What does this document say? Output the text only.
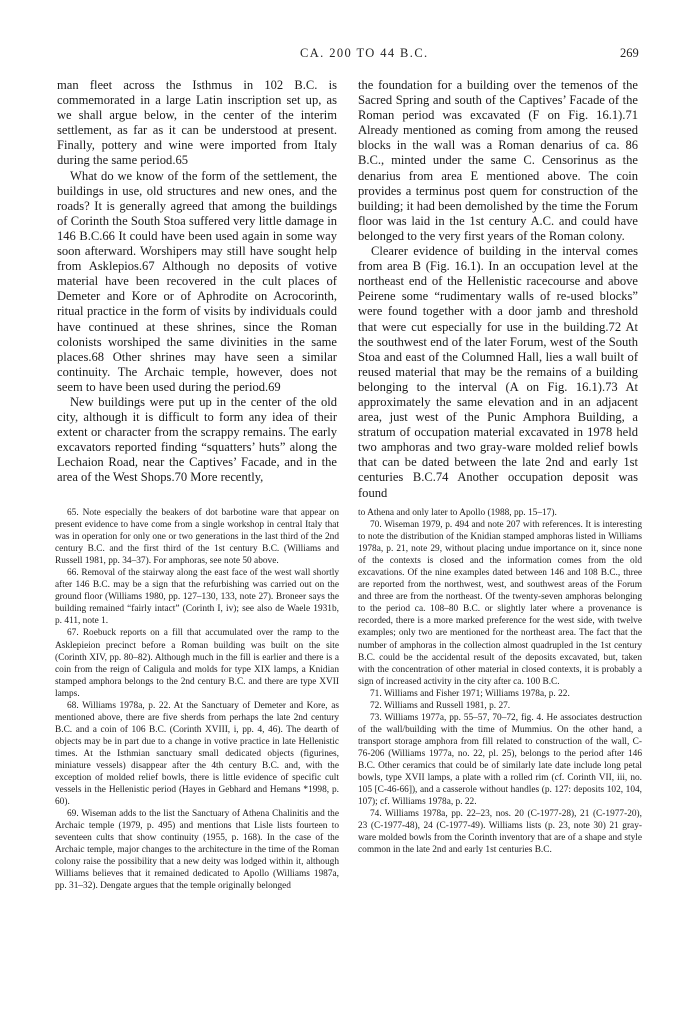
CA. 200 TO 44 B.C.	269

man fleet across the Isthmus in 102 B.C. is commemorated in a large Latin inscription set up, as we shall argue below, in the center of the interim settlement, as far as it can be understood at present. Finally, pottery and wine were imported from Italy during the same period.65

What do we know of the form of the settlement, the buildings in use, old structures and new ones, and the roads? It is generally agreed that among the buildings of Corinth the South Stoa suffered very little damage in 146 B.C.66 It could have been used again in some way soon afterward. Worshipers may still have sought help from Asklepios.67 Although no deposits of votive material have been recovered in the cult places of Demeter and Kore or of Aphrodite on Acrocorinth, ritual practice in the form of visits by individuals could have continued at these shrines, since the Roman colonists worshiped the same divinities in the same places.68 Other shrines may have seen a similar continuity. The Archaic temple, however, does not seem to have been used during the period.69

New buildings were put up in the center of the old city, although it is difficult to form any idea of their extent or character from the scrappy remains. The early excavators reported finding “squatters’ huts” along the Lechaion Road, near the Captives’ Facade, and in the area of the West Shops.70 More recently,

the foundation for a building over the temenos of the Sacred Spring and south of the Captives’ Facade of the Roman period was excavated (F on Fig. 16.1).71 Already mentioned as coming from among the reused blocks in the wall was a Roman denarius of ca. 86 B.C., minted under the same C. Censorinus as the denarius from area E mentioned above. The coin provides a terminus post quem for construction of the building; it had been demolished by the time the Forum floor was laid in the 1st century A.C. and could have belonged to the very first years of the Roman colony.

Clearer evidence of building in the interval comes from area B (Fig. 16.1). In an occupation level at the northeast end of the Hellenistic racecourse and above Peirene some “rudimentary walls of re-used blocks” were found together with a door jamb and threshold that were cut especially for use in the building.72 At the southwest end of the later Forum, west of the South Stoa and east of the Columned Hall, lies a wall built of reused material that may be the remains of a building belonging to the interval (A on Fig. 16.1).73 At approximately the same elevation and in an adjacent area, just west of the Punic Amphora Building, a stratum of occupation material excavated in 1978 held two amphoras and two gray-ware molded relief bowls that can be dated between the late 2nd and early 1st centuries B.C.74 Another occupation deposit was found

65. Note especially the beakers of dot barbotine ware that appear on present evidence to have come from a single workshop in central Italy that was in operation for only one or two generations in the last third of the 2nd century B.C. and the first third of the 1st century B.C. (Williams and Russell 1981, pp. 34–37). For amphoras, see note 50 above.

66. Removal of the stairway along the east face of the west wall shortly after 146 B.C. may be a sign that the refurbishing was carried out on the ground floor (Williams 1980, pp. 127–130, 133, note 27). Broneer says the building remained “fairly intact” (Corinth I, iv); see also de Waele 1931b, p. 411, note 1.

67. Roebuck reports on a fill that accumulated over the ramp to the Asklepieion precinct before a Roman building was built on the site (Corinth XIV, pp. 80–82). Although much in the fill is earlier and there is a coin from the reign of Caligula and molds for type XIX lamps, a Knidian stamped amphora belongs to the 2nd century B.C. and there are type XVII lamps.

68. Williams 1978a, p. 22. At the Sanctuary of Demeter and Kore, as mentioned above, there are five sherds from perhaps the late 2nd century B.C. and a coin of 106 B.C. (Corinth XVIII, i, pp. 4, 46). The dearth of objects may be in part due to a change in votive practice in late Hellenistic times. At the Isthmian sanctuary small dedicated objects (figurines, miniature vessels) disappear after the 4th century B.C. and, with the exception of molded relief bowls, there is little evidence of specific cult vessels in the Hellenistic period (Hayes in Gebhard and Hemans *1998, p. 60).

69. Wiseman adds to the list the Sanctuary of Athena Chalinitis and the Archaic temple (1979, p. 495) and mentions that Lisle lists fourteen to seventeen cults that show continuity (1955, p. 168). In the case of the Archaic temple, major changes to the architecture in the time of the Roman colony raise the possibility that a new deity was lodged within it, although Williams believes that it remained dedicated to Apollo (Williams 1987a, pp. 31–32). Dengate argues that the temple originally belonged

to Athena and only later to Apollo (1988, pp. 15–17).

70. Wiseman 1979, p. 494 and note 207 with references. It is interesting to note the distribution of the Knidian stamped amphoras listed in Williams 1978a, p. 21, note 29, without placing undue importance on it, since none of the contexts is closed and the information comes from the old excavations. Of the nine examples dated between 146 and 108 B.C., three are reported from the northwest, west, and southwest areas of the Forum and three are from the northeast. Of the twenty-seven amphoras belonging to the period ca. 108–80 B.C. or slightly later where a provenance is recorded, there is a more marked preference for the west side, with twelve examples; only two are mentioned for the northeast area. The fact that the number of amphoras in the collection almost quadrupled in the 1st century B.C. could be the accidental result of the deposits excavated, but, taken with the concentration of other material in closed contexts, it is probably a sign of increased activity in the city after ca. 100 B.C.

71. Williams and Fisher 1971; Williams 1978a, p. 22.

72. Williams and Russell 1981, p. 27.

73. Williams 1977a, pp. 55–57, 70–72, fig. 4. He associates destruction of the wall/building with the time of Mummius. On the other hand, a transport storage amphora from fill related to construction of the wall, C-76-206 (Williams 1977a, no. 22, pl. 25), belongs to the period after 146 B.C. Other ceramics that could be of similarly late date include long petal bowls, type XVII lamps, a plate with a rolled rim (cf. Corinth VII, iii, no. 105 [C-46-66]), and a casserole without handles (p. 127: deposits 102, 104, 107); cf. Williams 1978a, p. 22.

74. Williams 1978a, pp. 22–23, nos. 20 (C-1977-28), 21 (C-1977-20), 23 (C-1977-48), 24 (C-1977-49). Williams lists (p. 23, note 30) 21 gray-ware molded bowls from the Corinth inventory that are of a shape and style common in the late 2nd and early 1st centuries B.C.
